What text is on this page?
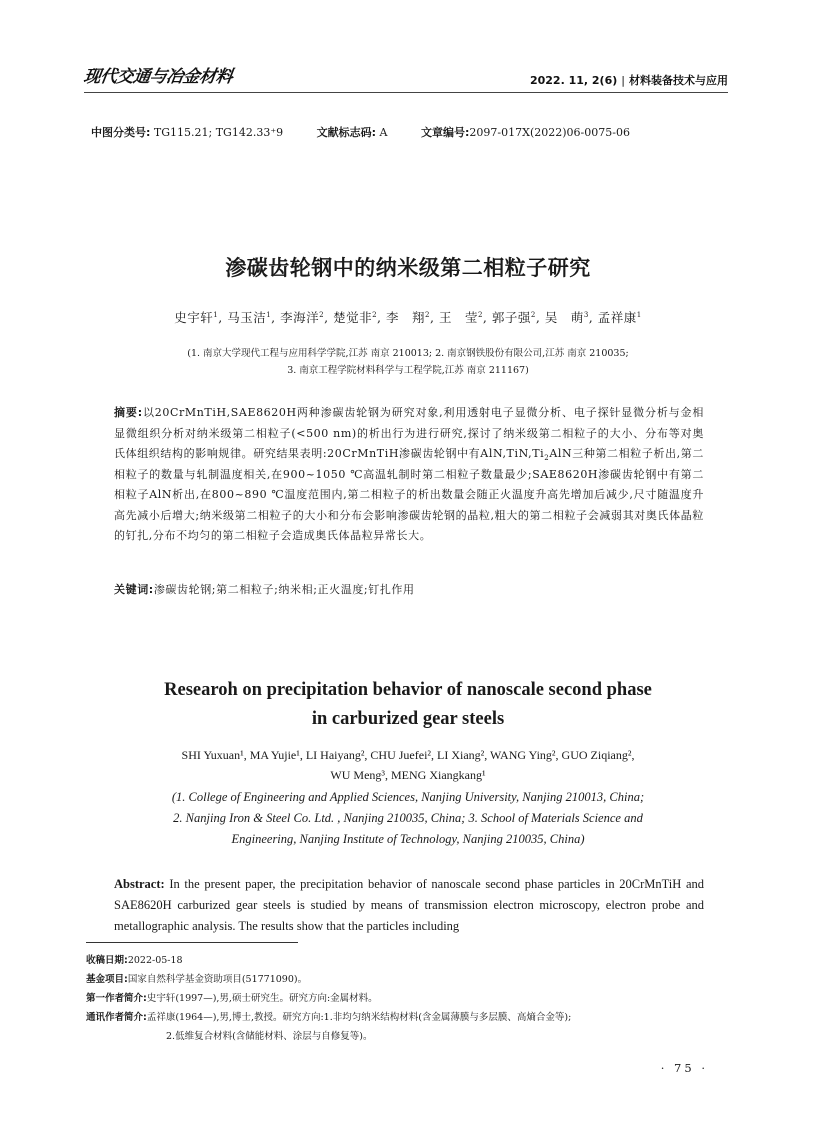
现代交通与冶金材料	2022. 11, 2(6) | 材料装备技术与应用
中图分类号: TG115.21; TG142.33⁺9	文献标志码: A	文章编号:2097-017X(2022)06-0075-06
渗碳齿轮钢中的纳米级第二相粒子研究
史宇轩$^1$, 马玉洁$^1$, 李海洋$^2$, 楚觉非$^2$, 李　翔$^2$, 王　莹$^2$, 郭子强$^2$, 吴　萌$^3$, 孟祥康$^1$
(1. 南京大学现代工程与应用科学学院,江苏 南京 210013; 2. 南京钢铁股份有限公司,江苏 南京 210035;
3. 南京工程学院材料科学与工程学院,江苏 南京 211167)
摘要:以20CrMnTiH,SAE8620H两种渗碳齿轮钢为研究对象,利用透射电子显微分析、电子探针显微分析与金相显微组织分析对纳米级第二相粒子(<500 nm)的析出行为进行研究,探讨了纳米级第二相粒子的大小、分布等对奥氏体组织结构的影响规律。研究结果表明:20CrMnTiH渗碳齿轮钢中有$AlN,TiN,Ti_2AlN$三种第二相粒子析出,第二相粒子的数量与轧制温度相关,在900~1050 ℃高温轧制时第二相粒子数量最少;SAE8620H渗碳齿轮钢中有第二相粒子AlN析出,在800~890 ℃温度范围内,第二相粒子的析出数量会随正火温度升高先增加后减少,尺寸随温度升高先减小后增大;纳米级第二相粒子的大小和分布会影响渗碳齿轮钢的晶粒,粗大的第二相粒子会减弱其对奥氏体晶粒的钉扎,分布不均匀的第二相粒子会造成奥氏体晶粒异常长大。
关键词:渗碳齿轮钢;第二相粒子;纳米相;正火温度;钉扎作用
Researoh on precipitation behavior of nanoscale second phase
in carburized gear steels
SHI Yuxuan¹, MA Yujie¹, LI Haiyang², CHU Juefei², LI Xiang², WANG Ying², GUO Ziqiang²,
WU Meng³, MENG Xiangkang¹
(1. College of Engineering and Applied Sciences, Nanjing University, Nanjing 210013, China;
2. Nanjing Iron & Steel Co. Ltd. , Nanjing 210035, China; 3. School of Materials Science and
Engineering, Nanjing Institute of Technology, Nanjing 210035, China)
Abstract: In the present paper, the precipitation behavior of nanoscale second phase particles in 20CrMnTiH and SAE8620H carburized gear steels is studied by means of transmission electron microscopy, electron probe and metallographic analysis. The results show that the particles including
收稿日期: 2022-05-18
基金项目: 国家自然科学基金资助项目(51771090)。
第一作者简介: 史宇轩(1997—),男,硕士研究生。研究方向:金属材料。
通讯作者简介: 孟祥康(1964—),男,博士,教授。研究方向:1.非均匀纳米结构材料(含金属薄膜与多层膜、高熵合金等);
2.低维复合材料(含储能材料、涂层与自修复等)。
· 75 ·
